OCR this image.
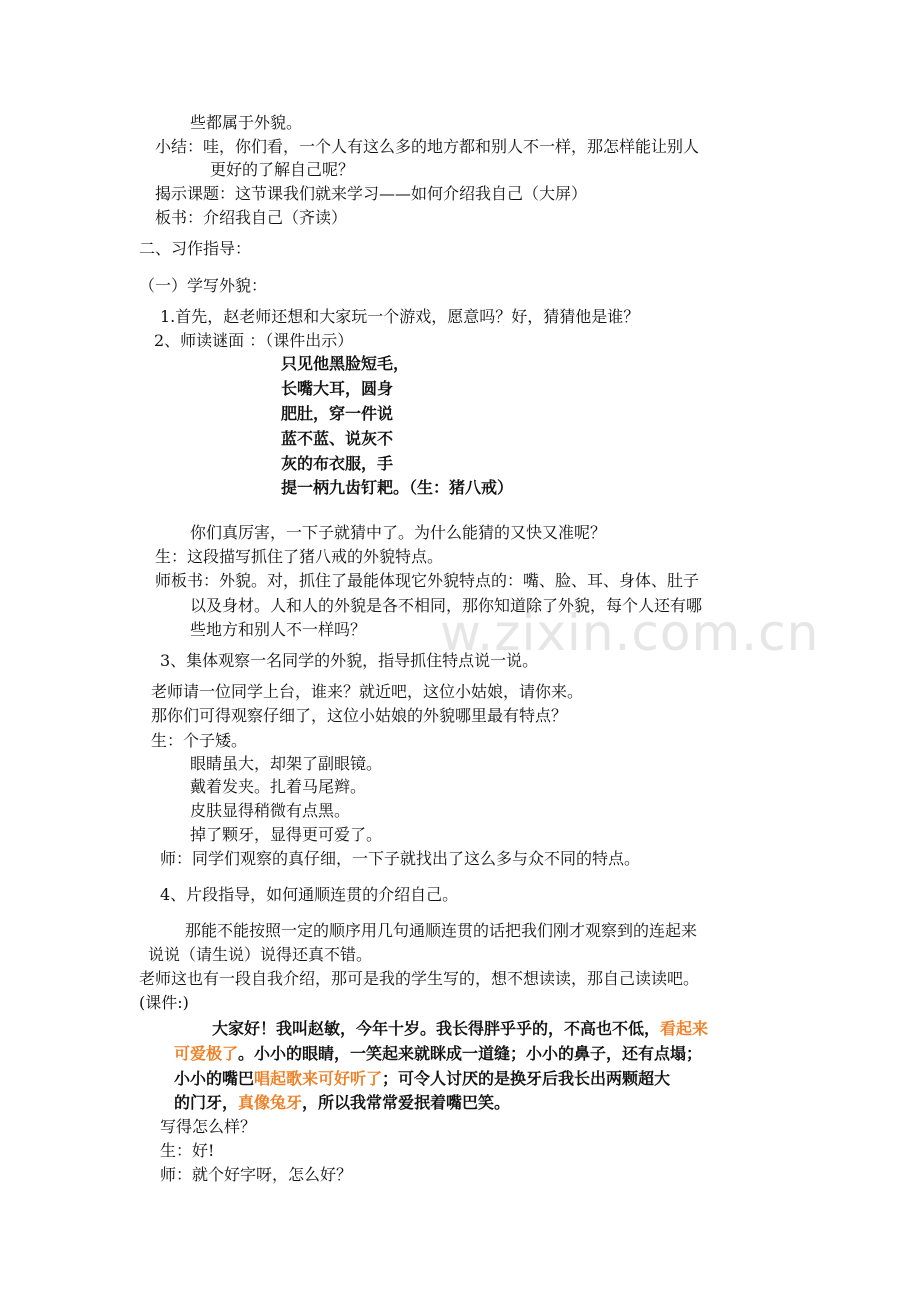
w.zixin.com.cn
些都属于外貌。
小结：哇，你们看，一个人有这么多的地方都和别人不一样，那怎样能让别人
更好的了解自己呢？
揭示课题：这节课我们就来学习——如何介绍我自己（大屏）
板书：介绍我自己（齐读）
二、习作指导：
（一）学写外貌：
1.首先，赵老师还想和大家玩一个游戏，愿意吗？好，猜猜他是谁？
2、师读谜面 ：（课件出示）
只见他黑脸短毛，
长嘴大耳，圆身
肥肚，穿一件说
蓝不蓝、说灰不
灰的布衣服，手
提一柄九齿钉耙。（生：猪八戒）
你们真厉害，一下子就猜中了。为什么能猜的又快又准呢？
生：这段描写抓住了猪八戒的外貌特点。
师板书：外貌。对，抓住了最能体现它外貌特点的：嘴、脸、耳、身体、肚子
以及身材。人和人的外貌是各不相同，那你知道除了外貌，每个人还有哪
些地方和别人不一样吗？
3、集体观察一名同学的外貌，指导抓住特点说一说。
老师请一位同学上台，谁来？就近吧，这位小姑娘，请你来。
那你们可得观察仔细了，这位小姑娘的外貌哪里最有特点？
生：个子矮。
眼睛虽大，却架了副眼镜。
戴着发夹。扎着马尾辫。
皮肤显得稍微有点黑。
掉了颗牙，显得更可爱了。
师：同学们观察的真仔细，一下子就找出了这么多与众不同的特点。
4、片段指导，如何通顺连贯的介绍自己。
那能不能按照一定的顺序用几句通顺连贯的话把我们刚才观察到的连起来
说说（请生说）说得还真不错。
老师这也有一段自我介绍，那可是我的学生写的，想不想读读，那自己读读吧。
(课件:)
大家好！我叫赵敏，今年十岁。我长得胖乎乎的，不高也不低，看起来
可爱极了。小小的眼睛，一笑起来就眯成一道缝；小小的鼻子，还有点塌；
小小的嘴巴唱起歌来可好听了；可令人讨厌的是换牙后我长出两颗超大
的门牙，真像兔牙，所以我常常爱抿着嘴巴笑。
写得怎么样？
生：好!
师：就个好字呀，怎么好？
